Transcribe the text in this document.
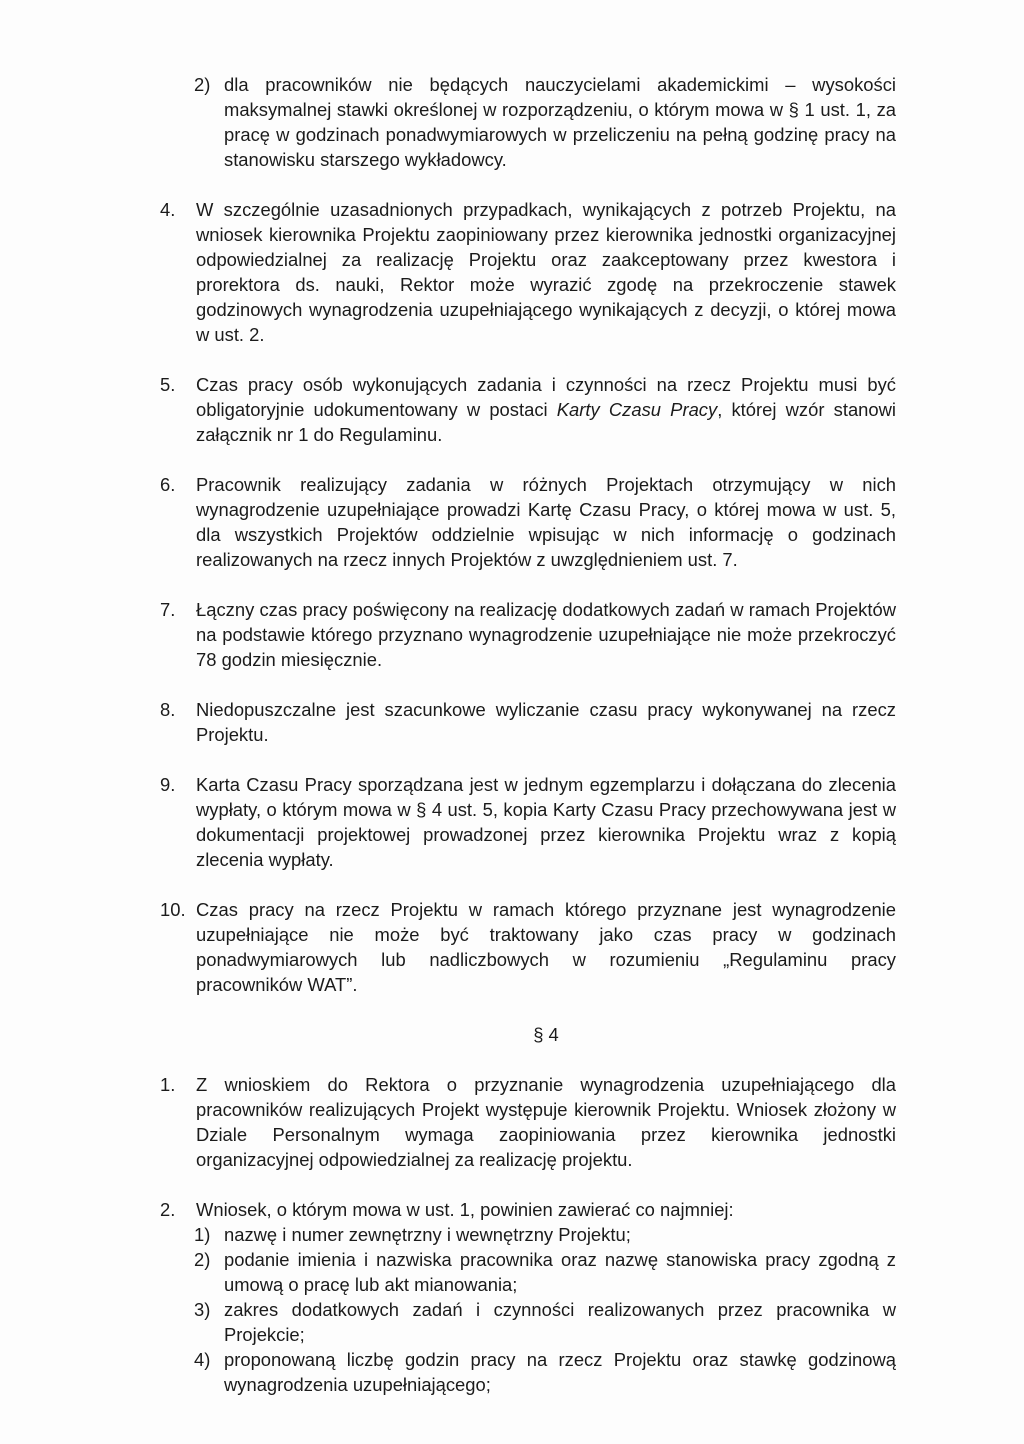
2) dla pracowników nie będących nauczycielami akademickimi – wysokości maksymalnej stawki określonej w rozporządzeniu, o którym mowa w § 1 ust. 1, za pracę w godzinach ponadwymiarowych w przeliczeniu na pełną godzinę pracy na stanowisku starszego wykładowcy.
4. W szczególnie uzasadnionych przypadkach, wynikających z potrzeb Projektu, na wniosek kierownika Projektu zaopiniowany przez kierownika jednostki organizacyjnej odpowiedzialnej za realizację Projektu oraz zaakceptowany przez kwestora i prorektora ds. nauki, Rektor może wyrazić zgodę na przekroczenie stawek godzinowych wynagrodzenia uzupełniającego wynikających z decyzji, o której mowa w ust. 2.
5. Czas pracy osób wykonujących zadania i czynności na rzecz Projektu musi być obligatoryjnie udokumentowany w postaci Karty Czasu Pracy, której wzór stanowi załącznik nr 1 do Regulaminu.
6. Pracownik realizujący zadania w różnych Projektach otrzymujący w nich wynagrodzenie uzupełniające prowadzi Kartę Czasu Pracy, o której mowa w ust. 5, dla wszystkich Projektów oddzielnie wpisując w nich informację o godzinach realizowanych na rzecz innych Projektów z uwzględnieniem ust. 7.
7. Łączny czas pracy poświęcony na realizację dodatkowych zadań w ramach Projektów na podstawie którego przyznano wynagrodzenie uzupełniające nie może przekroczyć 78 godzin miesięcznie.
8. Niedopuszczalne jest szacunkowe wyliczanie czasu pracy wykonywanej na rzecz Projektu.
9. Karta Czasu Pracy sporządzana jest w jednym egzemplarzu i dołączana do zlecenia wypłaty, o którym mowa w § 4 ust. 5, kopia Karty Czasu Pracy przechowywana jest w dokumentacji projektowej prowadzonej przez kierownika Projektu wraz z kopią zlecenia wypłaty.
10. Czas pracy na rzecz Projektu w ramach którego przyznane jest wynagrodzenie uzupełniające nie może być traktowany jako czas pracy w godzinach ponadwymiarowych lub nadliczbowych w rozumieniu „Regulaminu pracy pracowników WAT”.
§ 4
1. Z wnioskiem do Rektora o przyznanie wynagrodzenia uzupełniającego dla pracowników realizujących Projekt występuje kierownik Projektu. Wniosek złożony w Dziale Personalnym wymaga zaopiniowania przez kierownika jednostki organizacyjnej odpowiedzialnej za realizację projektu.
2. Wniosek, o którym mowa w ust. 1, powinien zawierać co najmniej:
1) nazwę i numer zewnętrzny i wewnętrzny Projektu;
2) podanie imienia i nazwiska pracownika oraz nazwę stanowiska pracy zgodną z umową o pracę lub akt mianowania;
3) zakres dodatkowych zadań i czynności realizowanych przez pracownika w Projekcie;
4) proponowaną liczbę godzin pracy na rzecz Projektu oraz stawkę godzinową wynagrodzenia uzupełniającego;
